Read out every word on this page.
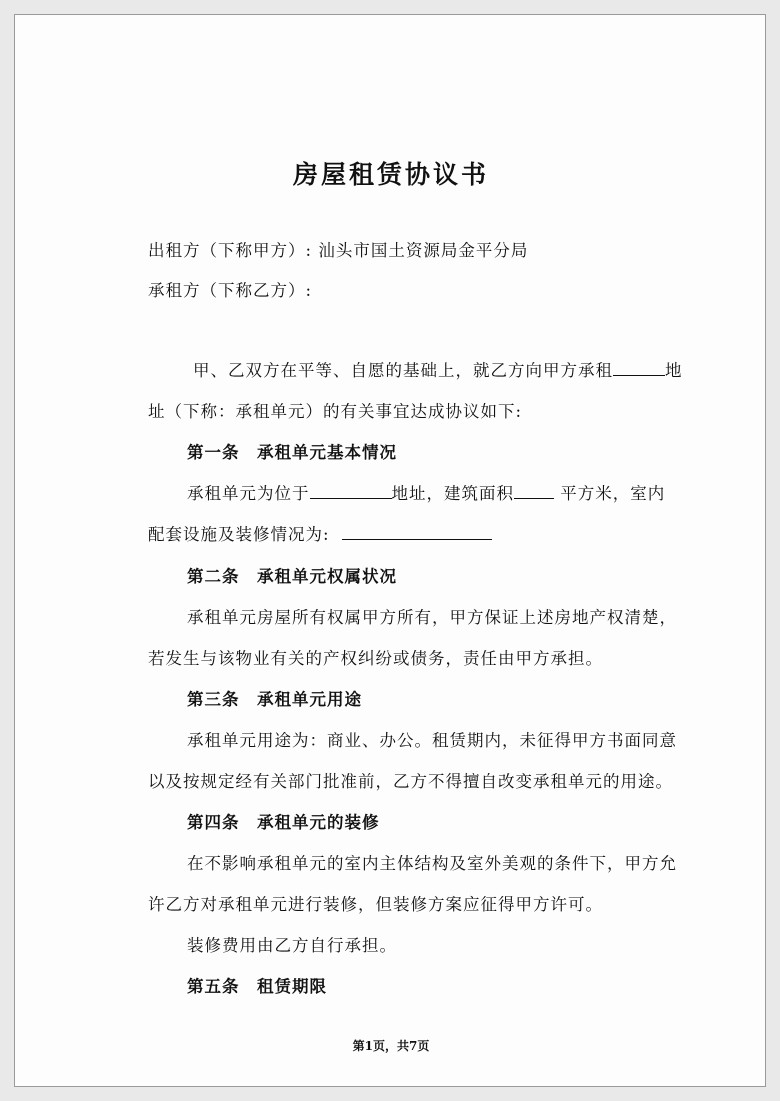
房屋租赁协议书
出租方（下称甲方）: 汕头市国土资源局金平分局
承租方（下称乙方）:
甲、乙双方在平等、自愿的基础上，就乙方向甲方承租	地
址（下称：承租单元）的有关事宜达成协议如下:
第一条　承租单元基本情况
承租单元为位于	地址，建筑面积	平方米，室内
配套设施及装修情况为:
第二条　承租单元权属状况
承租单元房屋所有权属甲方所有，甲方保证上述房地产权清楚，
若发生与该物业有关的产权纠纷或债务，责任由甲方承担。
第三条　承租单元用途
承租单元用途为：商业、办公。租赁期内，未征得甲方书面同意
以及按规定经有关部门批准前，乙方不得擅自改变承租单元的用途。
第四条　承租单元的装修
在不影响承租单元的室内主体结构及室外美观的条件下，甲方允
许乙方对承租单元进行装修，但装修方案应征得甲方许可。
装修费用由乙方自行承担。
第五条　租赁期限
第1页，共7页
